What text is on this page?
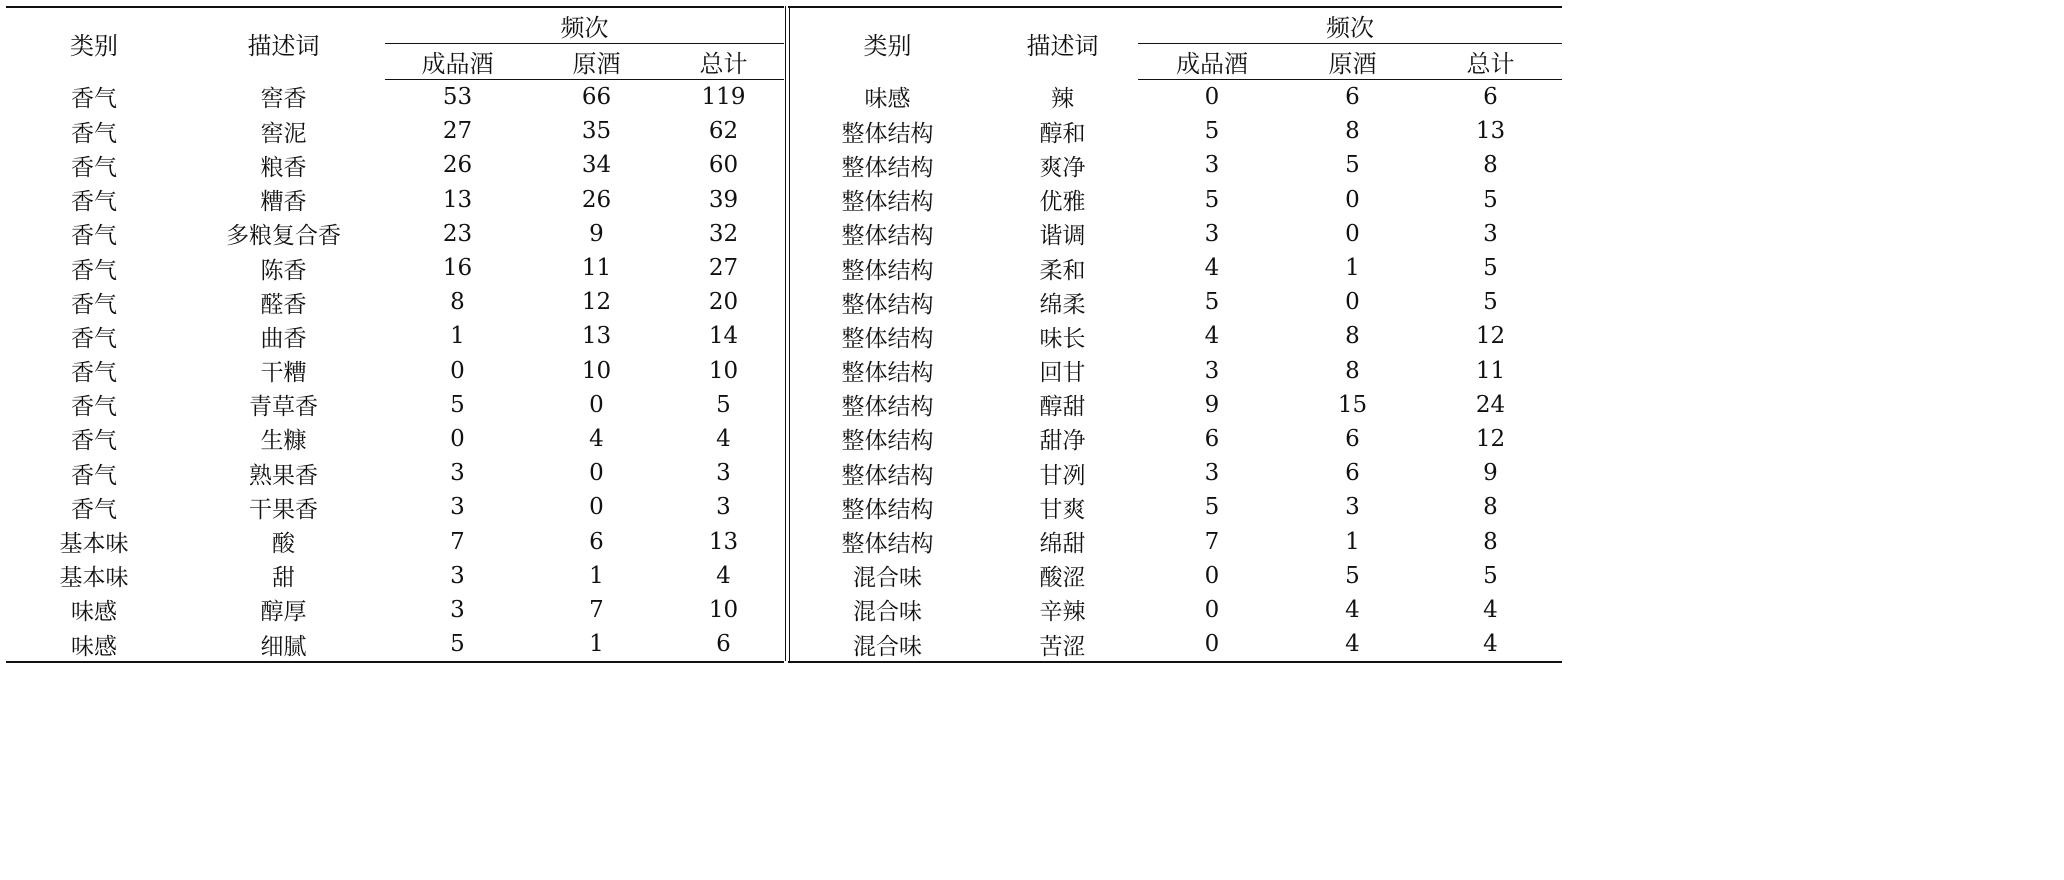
类别	描述词	频次		
		成品酒	原酒	总计
香气	窖香	53	66	119
香气	窖泥	27	35	62
香气	粮香	26	34	60
香气	糟香	13	26	39
香气	多粮复合香	23	9	32
香气	陈香	16	11	27
香气	醛香	8	12	20
香气	曲香	1	13	14
香气	干糟	0	10	10
香气	青草香	5	0	5
香气	生糠	0	4	4
香气	熟果香	3	0	3
香气	干果香	3	0	3
基本味	酸	7	6	13
基本味	甜	3	1	4
味感	醇厚	3	7	10
味感	细腻	5	1	6
类别	描述词	频次		
		成品酒	原酒	总计
味感	辣	0	6	6
整体结构	醇和	5	8	13
整体结构	爽净	3	5	8
整体结构	优雅	5	0	5
整体结构	谐调	3	0	3
整体结构	柔和	4	1	5
整体结构	绵柔	5	0	5
整体结构	味长	4	8	12
整体结构	回甘	3	8	11
整体结构	醇甜	9	15	24
整体结构	甜净	6	6	12
整体结构	甘冽	3	6	9
整体结构	甘爽	5	3	8
整体结构	绵甜	7	1	8
混合味	酸涩	0	5	5
混合味	辛辣	0	4	4
混合味	苦涩	0	4	4
